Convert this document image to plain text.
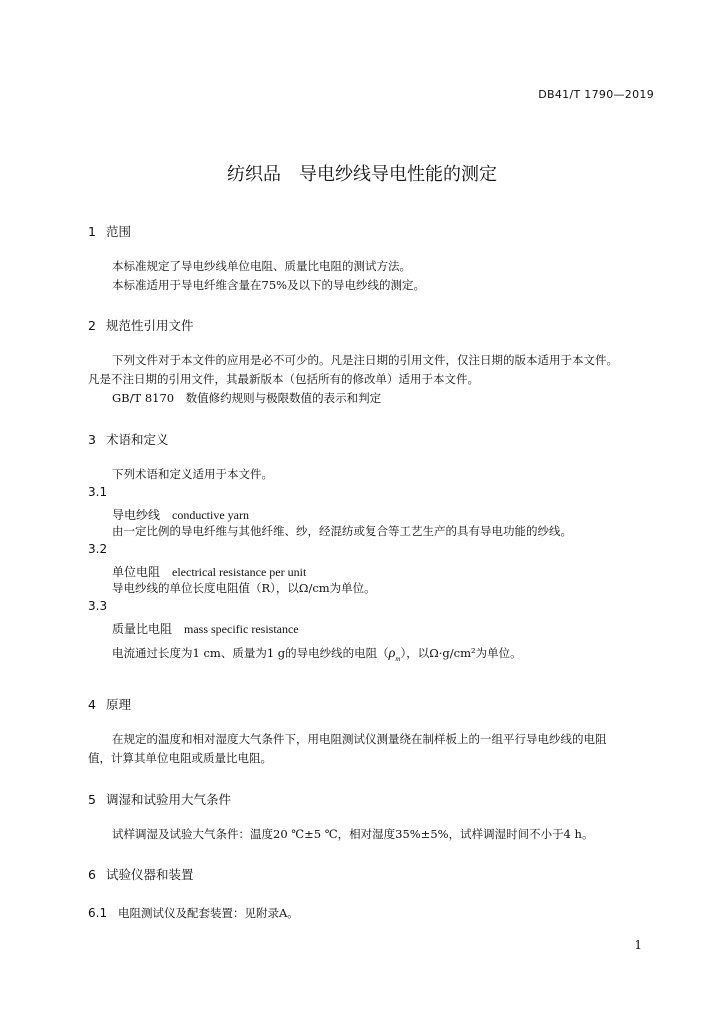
DB41/T 1790—2019
纺织品　导电纱线导电性能的测定
1 范围
本标准规定了导电纱线单位电阻、质量比电阻的测试方法。
本标准适用于导电纤维含量在75%及以下的导电纱线的测定。
2 规范性引用文件
下列文件对于本文件的应用是必不可少的。凡是注日期的引用文件，仅注日期的版本适用于本文件。
凡是不注日期的引用文件，其最新版本（包括所有的修改单）适用于本文件。
GB/T 8170　数值修约规则与极限数值的表示和判定
3 术语和定义
下列术语和定义适用于本文件。
3.1
导电纱线 conductive yarn
由一定比例的导电纤维与其他纤维、纱，经混纺或复合等工艺生产的具有导电功能的纱线。
3.2
单位电阻 electrical resistance per unit
导电纱线的单位长度电阻值（R），以Ω/cm为单位。
3.3
质量比电阻 mass specific resistance
电流通过长度为1 cm、质量为1 g的导电纱线的电阻$(\rho_m)$，以Ω·g/cm²为单位。
4 原理
在规定的温度和相对湿度大气条件下，用电阻测试仪测量绕在制样板上的一组平行导电纱线的电阻
值，计算其单位电阻或质量比电阻。
5 调湿和试验用大气条件
试样调湿及试验大气条件：温度20 ℃±5 ℃，相对湿度35%±5%，试样调湿时间不小于4 h。
6 试验仪器和装置
6.1 电阻测试仪及配套装置：见附录A。
1
